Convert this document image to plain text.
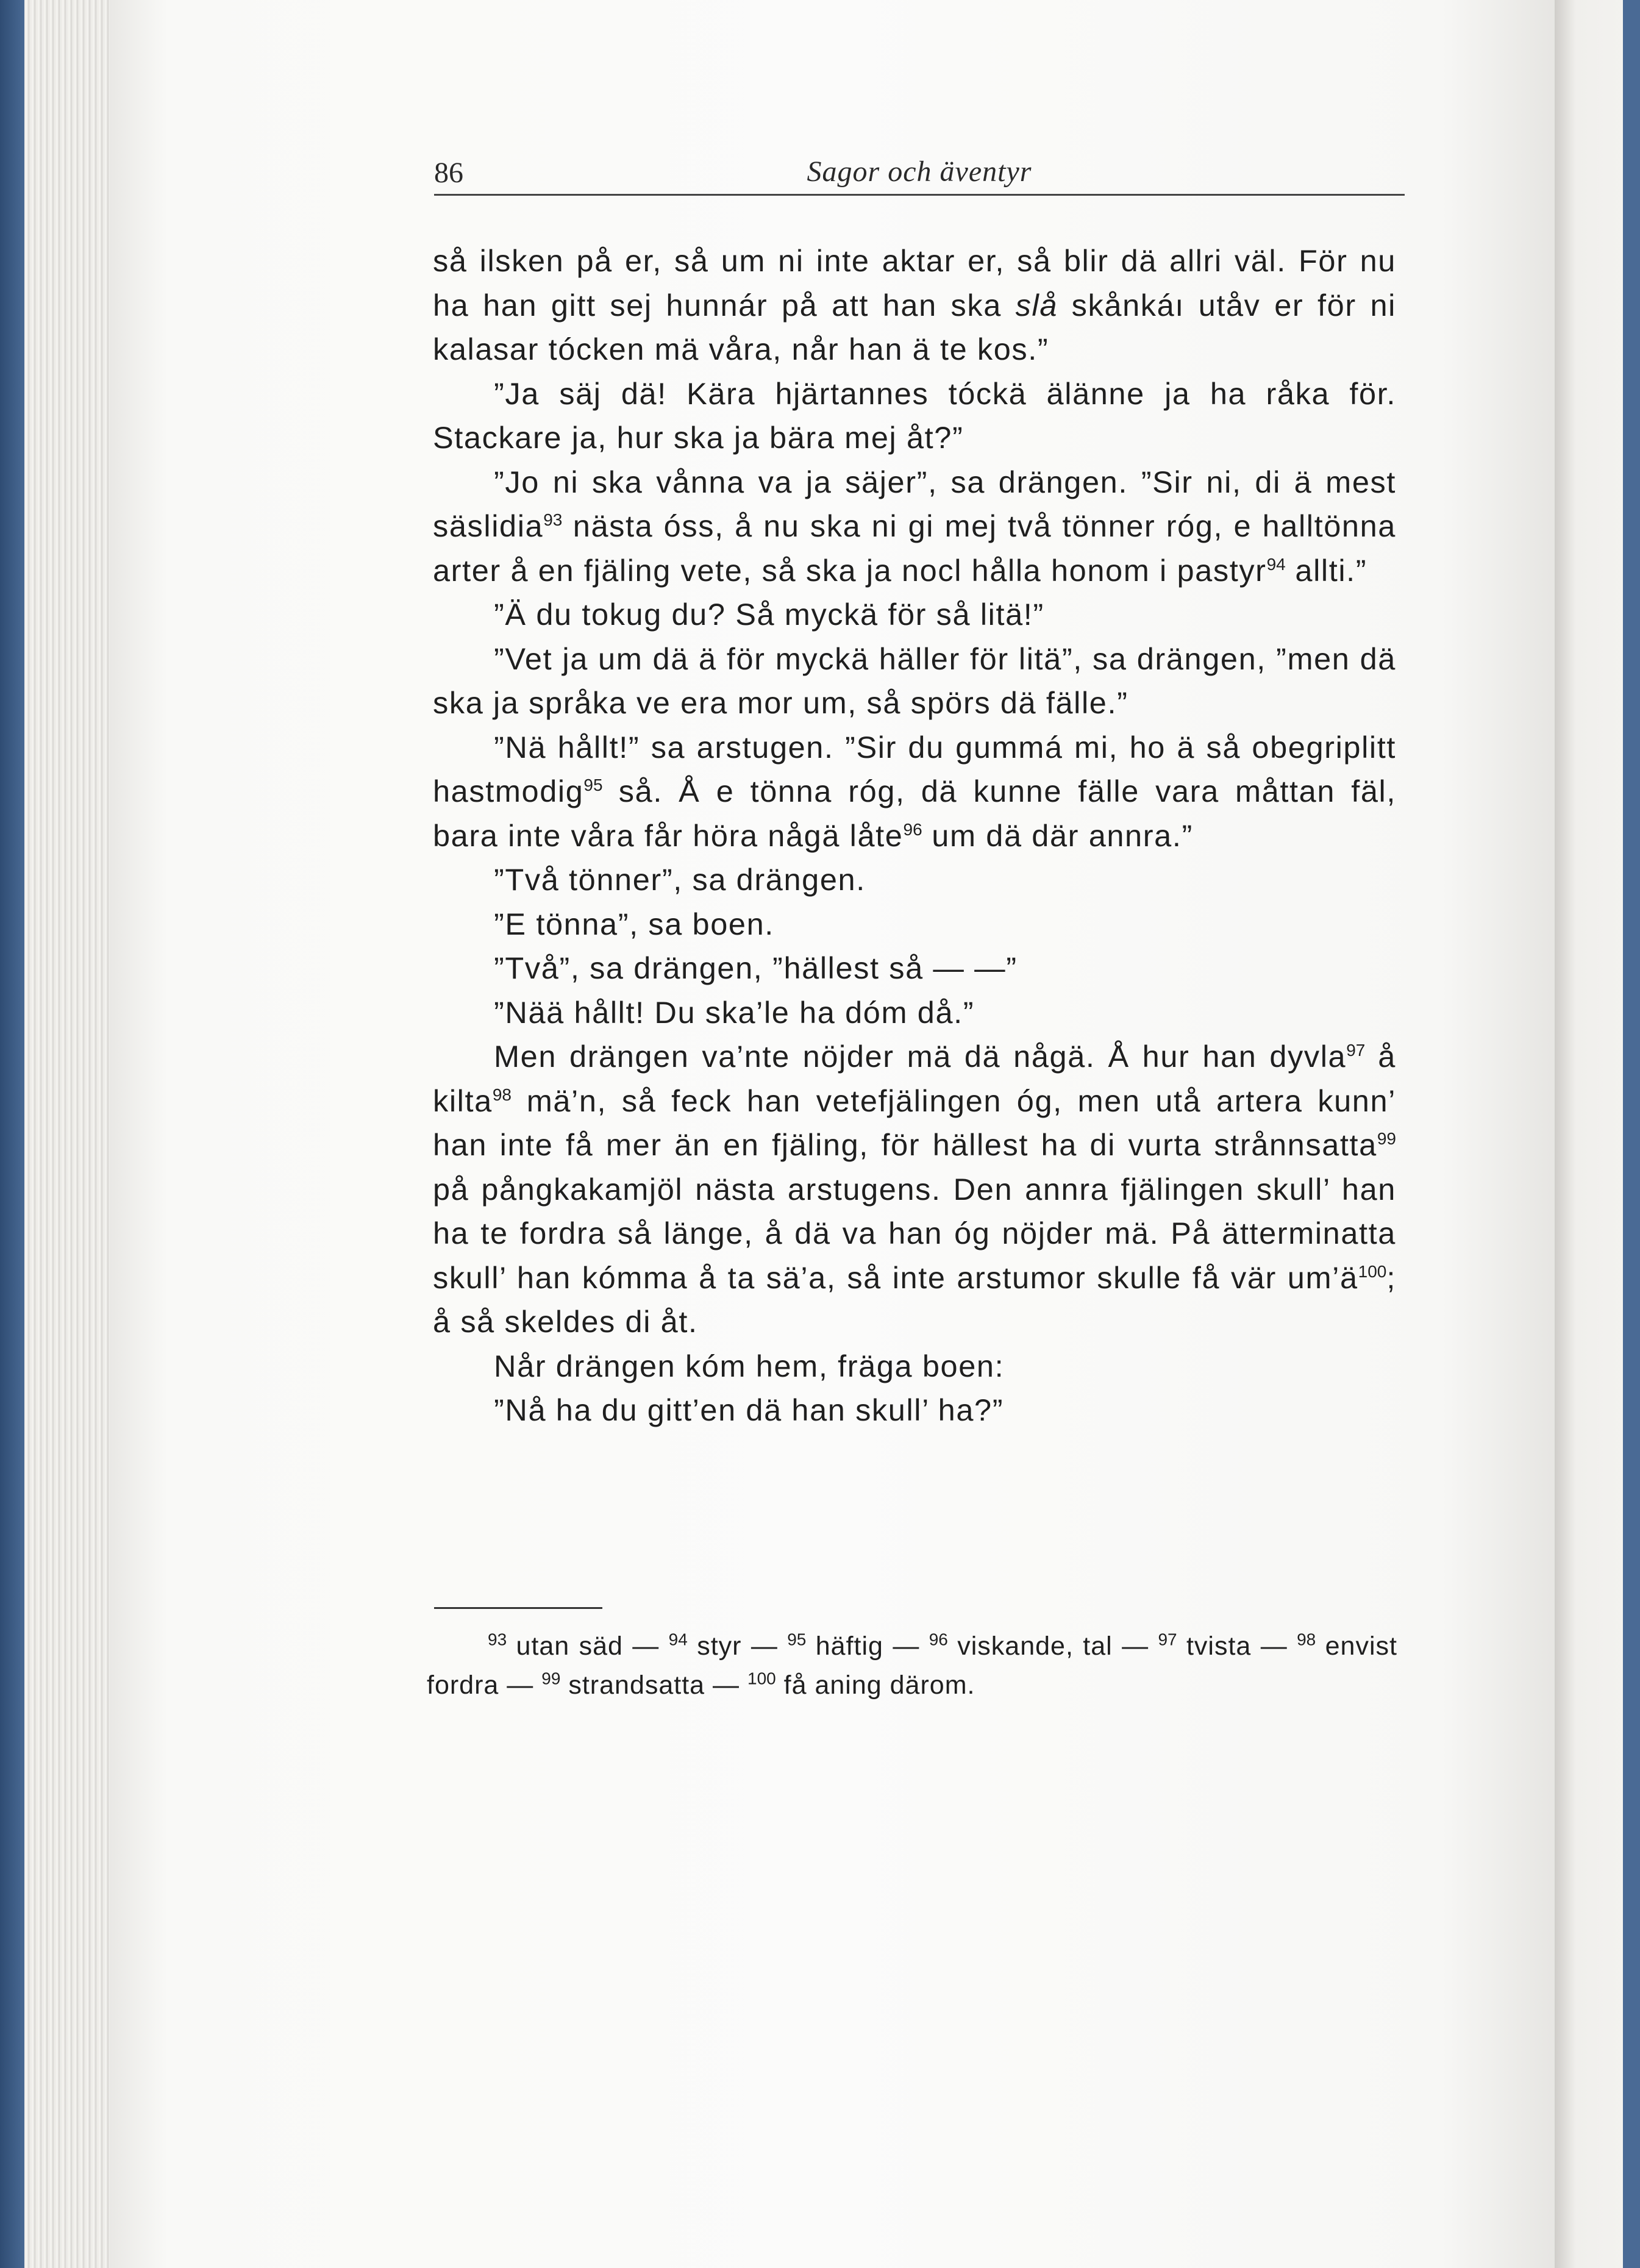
86	Sagor och äventyr

så ilsken på er, så um ni inte aktar er, så blir dä allri väl. För nu ha han gitt sej hunnár på att han ska slå skånkáı utåv er för ni kalasar tócken mä våra, når han ä te kos.”

”Ja säj dä! Kära hjärtannes tóckä älänne ja ha råka för. Stackare ja, hur ska ja bära mej åt?”

”Jo ni ska vånna va ja säjer”, sa drängen. ”Sir ni, di ä mest säslidia$^{93}$ nästa óss, å nu ska ni gi mej två tönner róg, e halltönna arter å en fjäling vete, så ska ja nocl hålla honom i pastyr$^{94}$ allti.”

”Ä du tokug du? Så myckä för så litä!”

”Vet ja um dä ä för myckä häller för litä”, sa drängen, ”men dä ska ja språka ve era mor um, så spörs dä fälle.”

”Nä hållt!” sa arstugen. ”Sir du gummá mi, ho ä så obegriplitt hastmodig$^{95}$ så. Å e tönna róg, dä kunne fälle vara måttan fäl, bara inte våra får höra någä låte$^{96}$ um dä där annra.”

”Två tönner”, sa drängen.

”E tönna”, sa boen.

”Två”, sa drängen, ”hällest så — —”

”Nää hållt! Du ska’le ha dóm då.”

Men drängen va’nte nöjder mä dä någä. Å hur han dyvla$^{97}$ å kilta$^{98}$ mä’n, så feck han vetefjälingen óg, men utå artera kunn’ han inte få mer än en fjäling, för hällest ha di vurta strånnsatta$^{99}$ på pångkakamjöl nästa arstugens. Den annra fjälingen skull’ han ha te fordra så länge, å dä va han óg nöjder mä. På ätterminatta skull’ han kómma å ta sä’a, så inte arstumor skulle få vär $um’ä^{100}$; å så skeldes di åt.

Når drängen kóm hem, fräga boen:

”Nå ha du gitt’en dä han skull’ ha?”

$^{93}$ utan säd — $^{94}$ styr — $^{95}$ häftig — $^{96}$ viskande, tal — $^{97}$ tvista — $^{98}$ envist fordra — $^{99}$ strandsatta — $^{100}$ få aning därom.
